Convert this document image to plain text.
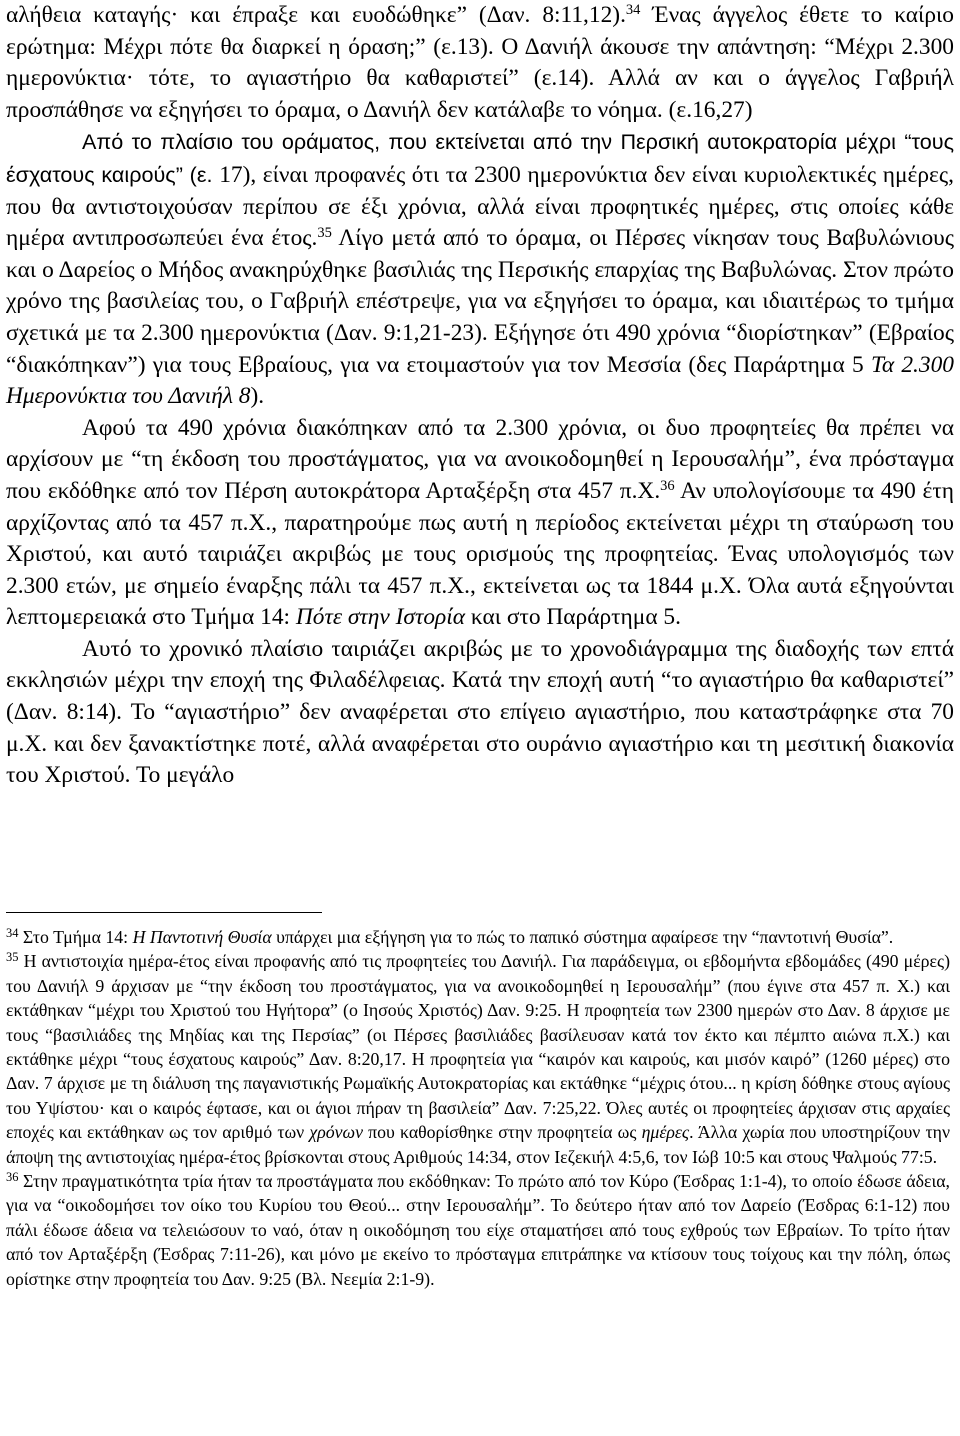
αλήθεια καταγής· και έπραξε και ευοδώθηκε” (Δαν. 8:11,12).$^{34}$ Ένας άγγελος έθετε το καίριο ερώτημα: Μέχρι πότε θα διαρκεί η όραση;” (ε.13). Ο Δανιήλ άκουσε την απάντηση: “Μέχρι 2.300 ημερονύκτια· τότε, το αγιαστήριο θα καθαριστεί” (ε.14). Αλλά αν και ο άγγελος Γαβριήλ προσπάθησε να εξηγήσει το όραμα, ο Δανιήλ δεν κατάλαβε το νόημα. (ε.16,27)

Από το πλαίσιο του οράματος, που εκτείνεται από την Περσική αυτοκρατορία μέχρι “τους έσχατους καιρούς” (ε. 17), είναι προφανές ότι τα 2300 ημερονύκτια δεν είναι κυριολεκτικές ημέρες, που θα αντιστοιχούσαν περίπου σε έξι χρόνια, αλλά είναι προφητικές ημέρες, στις οποίες κάθε ημέρα αντιπροσωπεύει ένα έτος.$^{35}$ Λίγο μετά από το όραμα, οι Πέρσες νίκησαν τους Βαβυλώνιους και ο Δαρείος ο Μήδος ανακηρύχθηκε βασιλιάς της Περσικής επαρχίας της Βαβυλώνας. Στον πρώτο χρόνο της βασιλείας του, ο Γαβριήλ επέστρεψε, για να εξηγήσει το όραμα, και ιδιαιτέρως το τμήμα σχετικά με τα 2.300 ημερονύκτια (Δαν. 9:1,21-23). Εξήγησε ότι 490 χρόνια “διορίστηκαν” (Εβραίος “διακόπηκαν”) για τους Εβραίους, για να ετοιμαστούν για τον Μεσσία (δες Παράρτημα 5 Τα 2.300 Ημερονύκτια του Δανιήλ 8).

Αφού τα 490 χρόνια διακόπηκαν από τα 2.300 χρόνια, οι δυο προφητείες θα πρέπει να αρχίσουν με “τη έκδοση του προστάγματος, για να ανοικοδομηθεί η Ιερουσαλήμ”, ένα πρόσταγμα που εκδόθηκε από τον Πέρση αυτοκράτορα Αρταξέρξη στα 457 π.Χ.$^{36}$ Αν υπολογίσουμε τα 490 έτη αρχίζοντας από τα 457 π.Χ., παρατηρούμε πως αυτή η περίοδος εκτείνεται μέχρι τη σταύρωση του Χριστού, και αυτό ταιριάζει ακριβώς με τους ορισμούς της προφητείας. Ένας υπολογισμός των 2.300 ετών, με σημείο έναρξης πάλι τα 457 π.Χ., εκτείνεται ως τα 1844 μ.Χ. Όλα αυτά εξηγούνται λεπτομερειακά στο Τμήμα 14: Πότε στην Ιστορία και στο Παράρτημα 5.

Αυτό το χρονικό πλαίσιο ταιριάζει ακριβώς με το χρονοδιάγραμμα της διαδοχής των επτά εκκλησιών μέχρι την εποχή της Φιλαδέλφειας. Κατά την εποχή αυτή “το αγιαστήριο θα καθαριστεί” (Δαν. 8:14). Το “αγιαστήριο” δεν αναφέρεται στο επίγειο αγιαστήριο, που καταστράφηκε στα 70 μ.Χ. και δεν ξανακτίστηκε ποτέ, αλλά αναφέρεται στο ουράνιο αγιαστήριο και τη μεσιτική διακονία του Χριστού. Το μεγάλο

$^{34}$ Στο Τμήμα 14: Η Παντοτινή Θυσία υπάρχει μια εξήγηση για το πώς το παπικό σύστημα αφαίρεσε την “παντοτινή Θυσία”.

$^{35}$ Η αντιστοιχία ημέρα-έτος είναι προφανής από τις προφητείες του Δανιήλ. Για παράδειγμα, οι εβδομήντα εβδομάδες (490 μέρες) του Δανιήλ 9 άρχισαν με “την έκδοση του προστάγματος, για να ανοικοδομηθεί η Ιερουσαλήμ” (που έγινε στα 457 π. Χ.) και εκτάθηκαν “μέχρι του Χριστού του Ηγήτορα” (ο Ιησούς Χριστός) Δαν. 9:25. Η προφητεία των 2300 ημερών στο Δαν. 8 άρχισε με τους “βασιλιάδες της Μηδίας και της Περσίας” (οι Πέρσες βασιλιάδες βασίλευσαν κατά τον έκτο και πέμπτο αιώνα π.Χ.) και εκτάθηκε μέχρι “τους έσχατους καιρούς” Δαν. 8:20,17. Η προφητεία για “καιρόν και καιρούς, και μισόν καιρό” (1260 μέρες) στο Δαν. 7 άρχισε με τη διάλυση της παγανιστικής Ρωμαϊκής Αυτοκρατορίας και εκτάθηκε “μέχρις ότου... η κρίση δόθηκε στους αγίους του Υψίστου· και ο καιρός έφτασε, και οι άγιοι πήραν τη βασιλεία” Δαν. 7:25,22. Όλες αυτές οι προφητείες άρχισαν στις αρχαίες εποχές και εκτάθηκαν ως τον αριθμό των χρόνων που καθορίσθηκε στην προφητεία ως ημέρες. Άλλα χωρία που υποστηρίζουν την άποψη της αντιστοιχίας ημέρα-έτος βρίσκονται στους Αριθμούς 14:34, στον Ιεζεκιήλ 4:5,6, τον Ιώβ 10:5 και στους Ψαλμούς 77:5.

$^{36}$ Στην πραγματικότητα τρία ήταν τα προστάγματα που εκδόθηκαν: Το πρώτο από τον Κύρο (Έσδρας 1:1-4), το οποίο έδωσε άδεια, για να “οικοδομήσει τον οίκο του Κυρίου του Θεού... στην Ιερουσαλήμ”. Το δεύτερο ήταν από τον Δαρείο (Έσδρας 6:1-12) που πάλι έδωσε άδεια να τελειώσουν το ναό, όταν η οικοδόμηση του είχε σταματήσει από τους εχθρούς των Εβραίων. Το τρίτο ήταν από τον Αρταξέρξη (Έσδρας 7:11-26), και μόνο με εκείνο το πρόσταγμα επιτράπηκε να κτίσουν τους τοίχους και την πόλη, όπως ορίστηκε στην προφητεία του Δαν. 9:25 (Βλ. Νεεμία 2:1-9).
